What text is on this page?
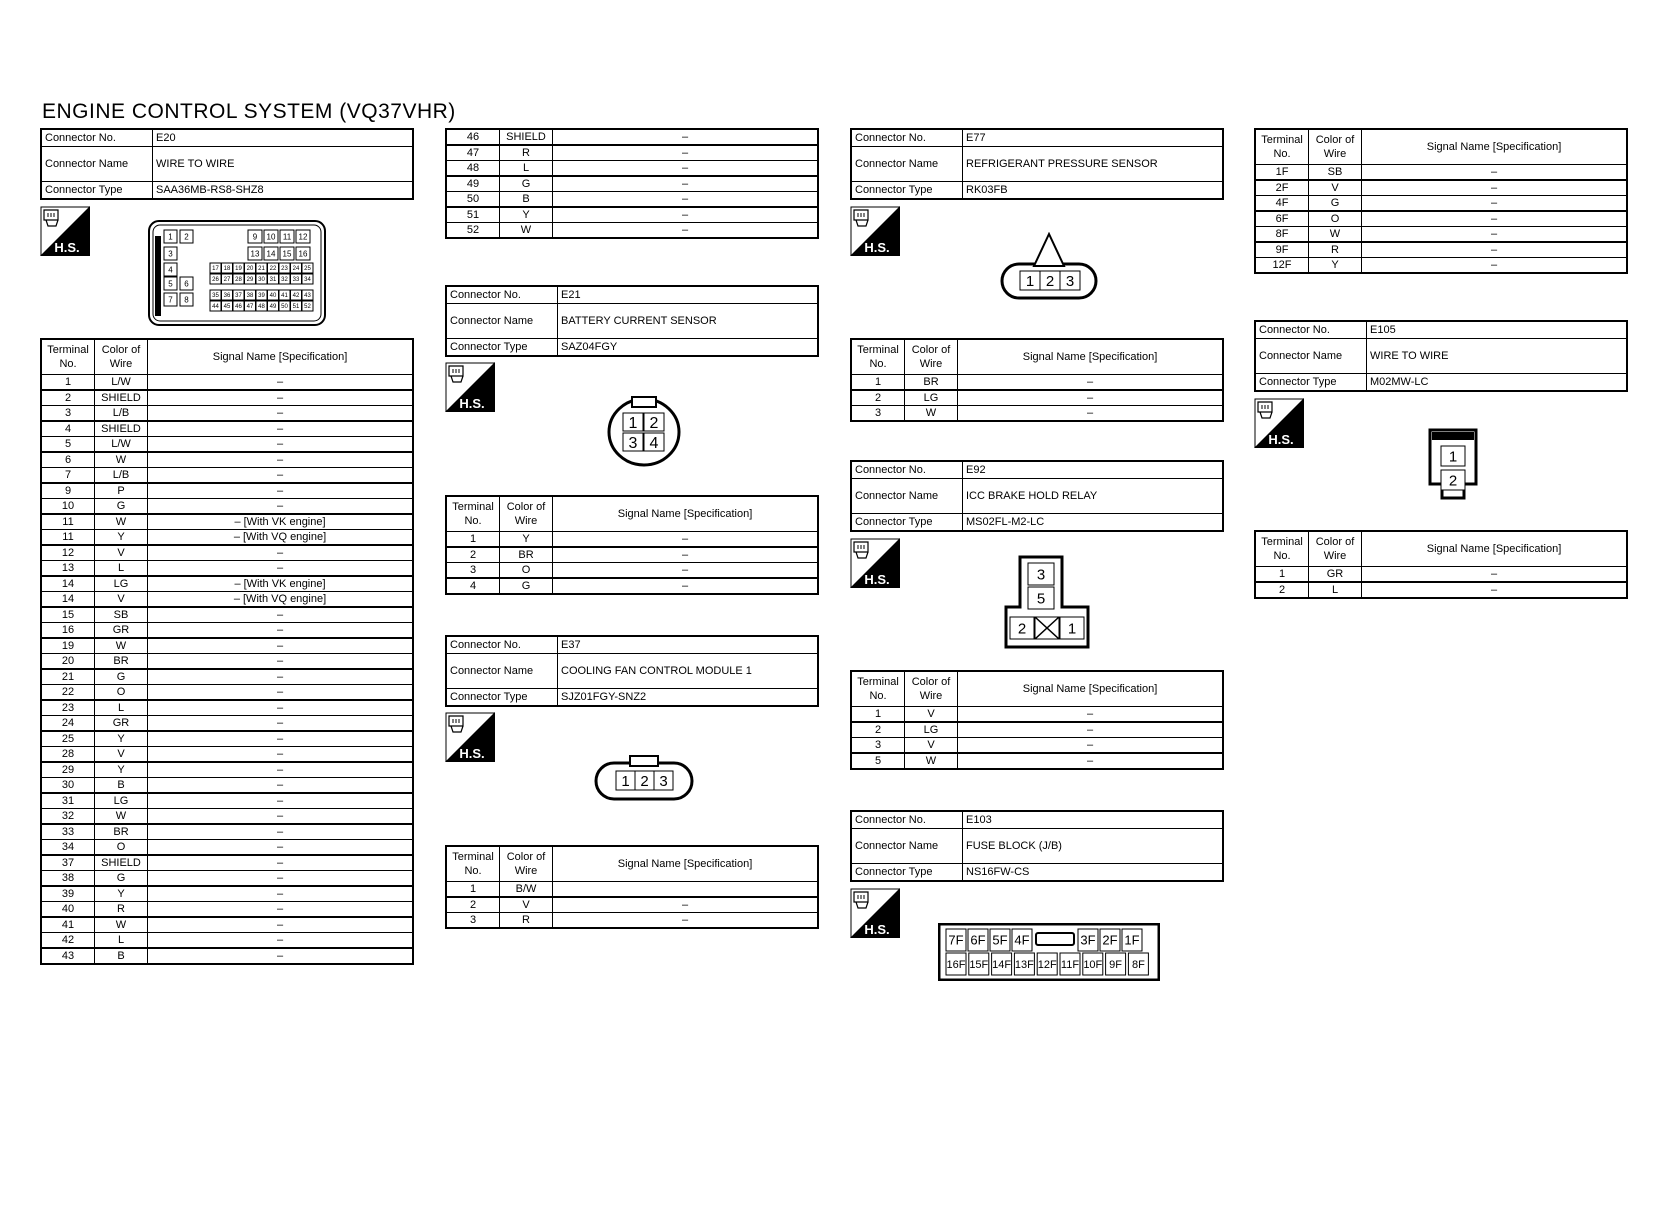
ENGINE CONTROL SYSTEM (VQ37VHR)
Connector No.	E20
Connector Name	WIRE TO WIRE
Connector Type	SAA36MB-RS8-SHZ8
H.S.
1 2	9 10 11 12
3	13 14 15 16
4	17 18 19 20 21 22 23 24 25
5 6	26 27 28 29 30 31 32 33 34
7 8	35 36 37 38 39 40 41 42 43
44 45 46 47 48 49 50 51 52
Terminal No.	Color of Wire	Signal Name [Specification]
1	L/W	–
2	SHIELD	–
3	L/B	–
4	SHIELD	–
5	L/W	–
6	W	–
7	L/B	–
9	P	–
10	G	–
11	W	– [With VK engine]
11	Y	– [With VQ engine]
12	V	–
13	L	–
14	LG	– [With VK engine]
14	V	– [With VQ engine]
15	SB	–
16	GR	–
19	W	–
20	BR	–
21	G	–
22	O	–
23	L	–
24	GR	–
25	Y	–
28	V	–
29	Y	–
30	B	–
31	LG	–
32	W	–
33	BR	–
34	O	–
37	SHIELD	–
38	G	–
39	Y	–
40	R	–
41	W	–
42	L	–
43	B	–
46	SHIELD	–
47	R	–
48	L	–
49	G	–
50	B	–
51	Y	–
52	W	–
Connector No.	E21
Connector Name	BATTERY CURRENT SENSOR
Connector Type	SAZ04FGY
H.S.
1 2
3 4
Terminal No.	Color of Wire	Signal Name [Specification]
1	Y	–
2	BR	–
3	O	–
4	G	–
Connector No.	E37
Connector Name	COOLING FAN CONTROL MODULE 1
Connector Type	SJZ01FGY-SNZ2
H.S.
1 2 3
Terminal No.	Color of Wire	Signal Name [Specification]
1	B/W	
2	V	–
3	R	–
Connector No.	E77
Connector Name	REFRIGERANT PRESSURE SENSOR
Connector Type	RK03FB
H.S.
1 2 3
Terminal No.	Color of Wire	Signal Name [Specification]
1	BR	–
2	LG	–
3	W	–
Connector No.	E92
Connector Name	ICC BRAKE HOLD RELAY
Connector Type	MS02FL-M2-LC
H.S.	3
5
2	1
Terminal No.	Color of Wire	Signal Name [Specification]
1	V	–
2	LG	–
3	V	–
5	W	–
Connector No.	E103
Connector Name	FUSE BLOCK (J/B)
Connector Type	NS16FW-CS
H.S.
7F 6F 5F 4F	3F 2F 1F
16F 15F 14F 13F 12F 11F 10F 9F 8F
Terminal No.	Color of Wire	Signal Name [Specification]
1F	SB	–
2F	V	–
4F	G	–
6F	O	–
8F	W	–
9F	R	–
12F	Y	–
Connector No.	E105
Connector Name	WIRE TO WIRE
Connector Type	M02MW-LC
H.S.
1
2
Terminal No.	Color of Wire	Signal Name [Specification]
1	GR	–
2	L	–
